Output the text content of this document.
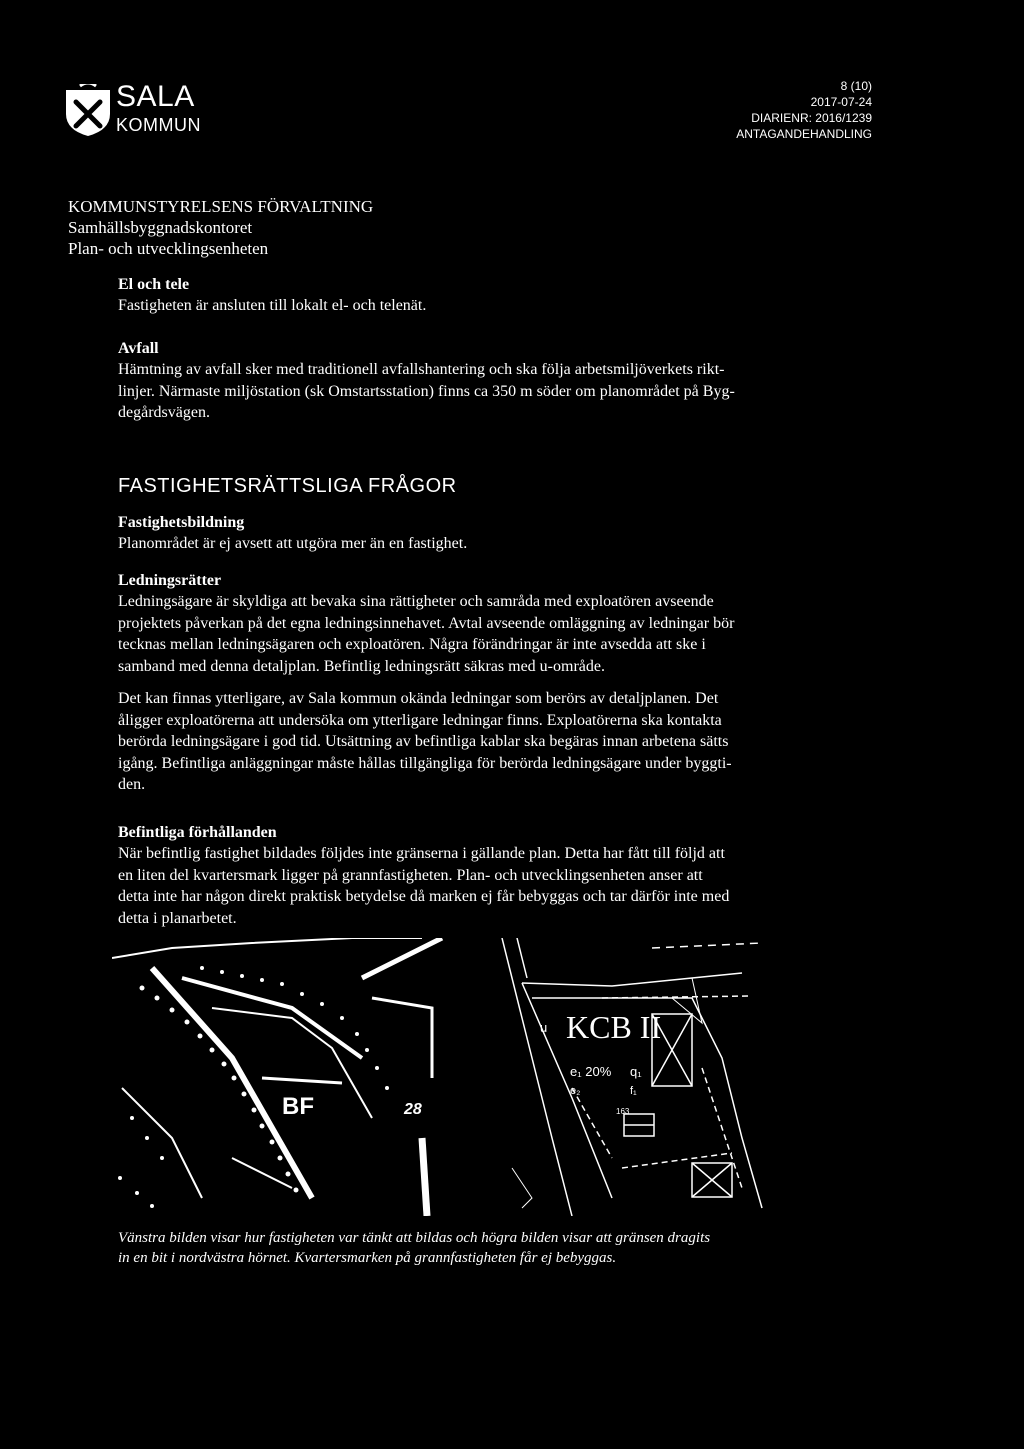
SALA
KOMMUN
8 (10)
2017-07-24
DIARIENR: 2016/1239
ANTAGANDEHANDLING
KOMMUNSTYRELSENS FÖRVALTNING
Samhällsbyggnadskontoret
Plan- och utvecklingsenheten
El och tele
Fastigheten är ansluten till lokalt el- och telenät.
Avfall
Hämtning av avfall sker med traditionell avfallshantering och ska följa arbetsmiljöverkets rikt-
linjer. Närmaste miljöstation (sk Omstartsstation) finns ca 350 m söder om planområdet på Byg-
degårdsvägen.
FASTIGHETSRÄTTSLIGA FRÅGOR
Fastighetsbildning
Planområdet är ej avsett att utgöra mer än en fastighet.
Ledningsrätter
Ledningsägare är skyldiga att bevaka sina rättigheter och samråda med exploatören avseende
projektets påverkan på det egna ledningsinnehavet. Avtal avseende omläggning av ledningar bör
tecknas mellan ledningsägaren och exploatören. Några förändringar är inte avsedda att ske i
samband med denna detaljplan. Befintlig ledningsrätt säkras med u-område.
Det kan finnas ytterligare, av Sala kommun okända ledningar som berörs av detaljplanen. Det
åligger exploatörerna att undersöka om ytterligare ledningar finns. Exploatörerna ska kontakta
berörda ledningsägare i god tid. Utsättning av befintliga kablar ska begäras innan arbetena sätts
igång. Befintliga anläggningar måste hållas tillgängliga för berörda ledningsägare under byggti-
den.
Befintliga förhållanden
När befintlig fastighet bildades följdes inte gränserna i gällande plan. Detta har fått till följd att
en liten del kvartersmark ligger på grannfastigheten. Plan- och utvecklingsenheten anser att
detta inte har någon direkt praktisk betydelse då marken ej får bebyggas och tar därför inte med
detta i planarbetet.
BF	28
u KCB II
e₁ 20% q₁
e₂	f₁
163
Vänstra bilden visar hur fastigheten var tänkt att bildas och högra bilden visar att gränsen dragits
in en bit i nordvästra hörnet. Kvartersmarken på grannfastigheten får ej bebyggas.
